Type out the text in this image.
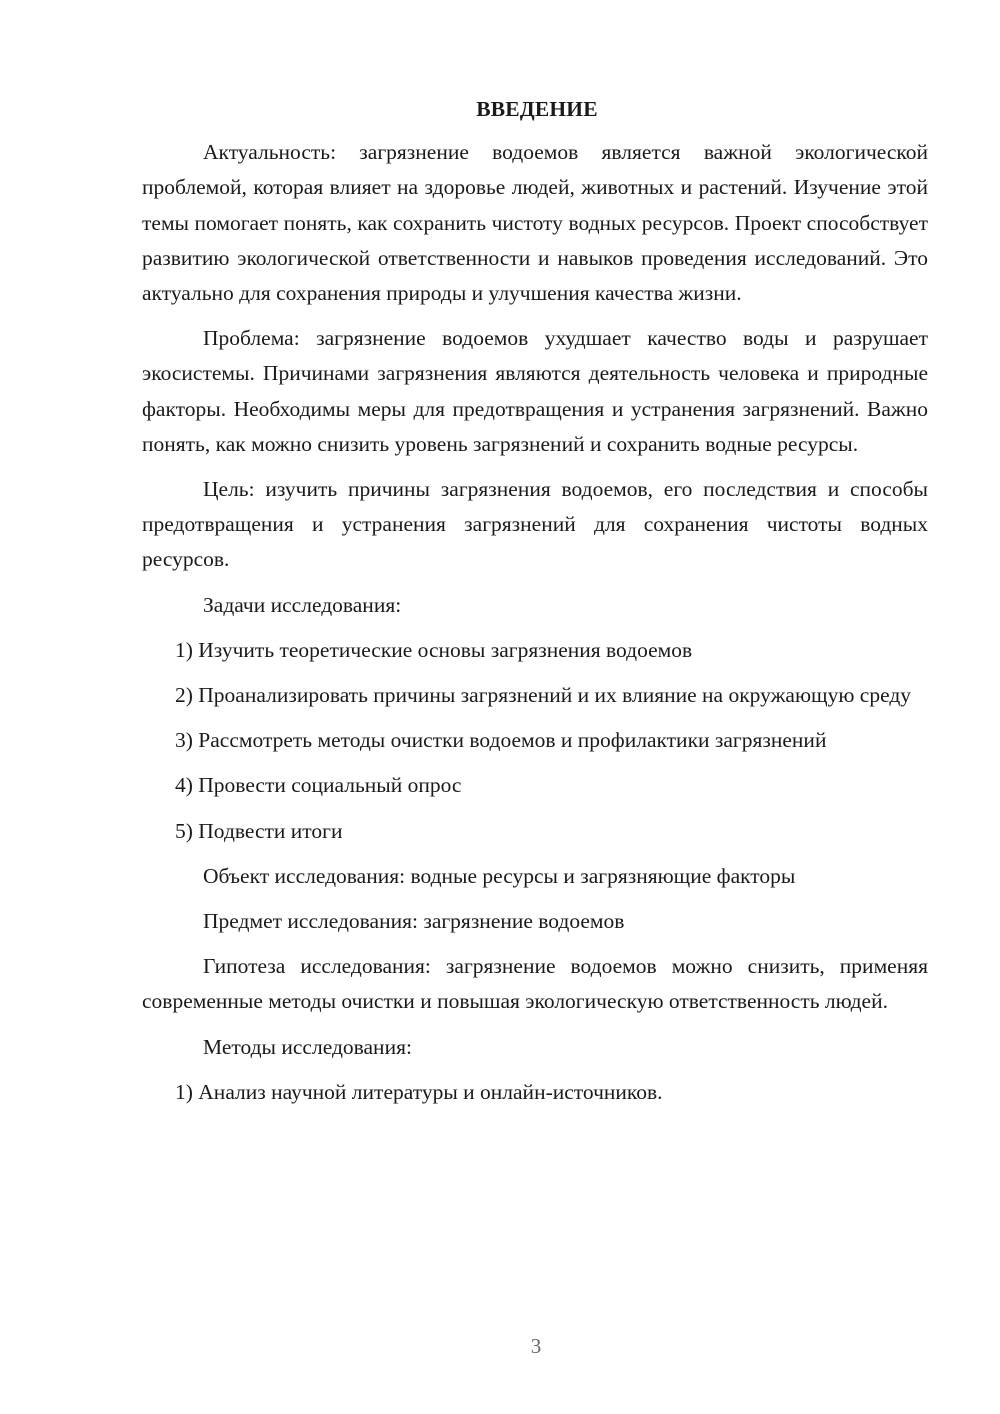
ВВЕДЕНИЕ

Актуальность: загрязнение водоемов является важной экологической проблемой, которая влияет на здоровье людей, животных и растений. Изучение этой темы помогает понять, как сохранить чистоту водных ресурсов. Проект способствует развитию экологической ответственности и навыков проведения исследований. Это актуально для сохранения природы и улучшения качества жизни.

Проблема: загрязнение водоемов ухудшает качество воды и разрушает экосистемы. Причинами загрязнения являются деятельность человека и природные факторы. Необходимы меры для предотвращения и устранения загрязнений. Важно понять, как можно снизить уровень загрязнений и сохранить водные ресурсы.

Цель: изучить причины загрязнения водоемов, его последствия и способы предотвращения и устранения загрязнений для сохранения чистоты водных ресурсов.

Задачи исследования:

1) Изучить теоретические основы загрязнения водоемов

2) Проанализировать причины загрязнений и их влияние на окружающую среду

3) Рассмотреть методы очистки водоемов и профилактики загрязнений

4) Провести социальный опрос

5) Подвести итоги

Объект исследования: водные ресурсы и загрязняющие факторы

Предмет исследования: загрязнение водоемов

Гипотеза исследования: загрязнение водоемов можно снизить, применяя современные методы очистки и повышая экологическую ответственность людей.

Методы исследования:

1) Анализ научной литературы и онлайн-источников.

3
